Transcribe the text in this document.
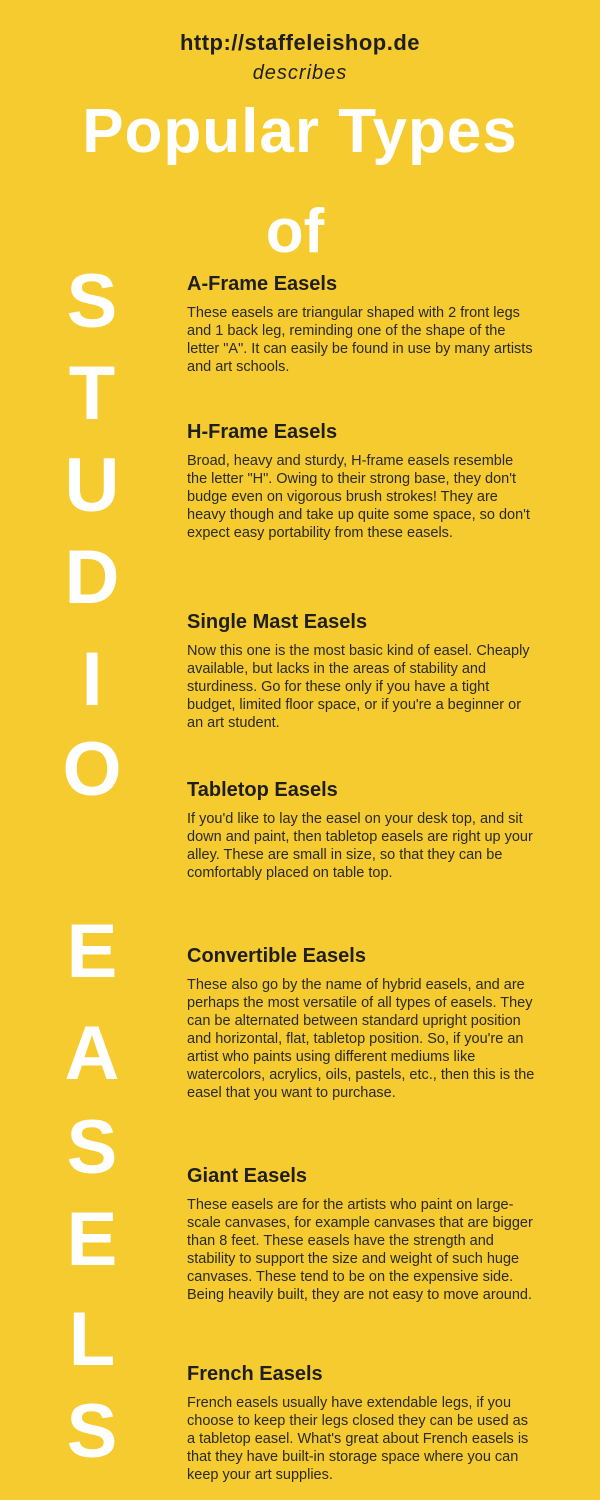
http://staffeleishop.de
describes
Popular Types
of
S
T
U
D
I
O
E
A
S
E
L
S
A-Frame Easels

These easels are triangular shaped with 2 front legs and 1 back leg, reminding one of the shape of the letter "A". It can easily be found in use by many artists and art schools.

H-Frame Easels

Broad, heavy and sturdy, H-frame easels resemble the letter "H". Owing to their strong base, they don't budge even on vigorous brush strokes! They are heavy though and take up quite some space, so don't expect easy portability from these easels.

Single Mast Easels

Now this one is the most basic kind of easel. Cheaply available, but lacks in the areas of stability and sturdiness. Go for these only if you have a tight budget, limited floor space, or if you're a beginner or an art student.

Tabletop Easels

If you'd like to lay the easel on your desk top, and sit down and paint, then tabletop easels are right up your alley. These are small in size, so that they can be comfortably placed on table top.

Convertible Easels

These also go by the name of hybrid easels, and are perhaps the most versatile of all types of easels. They can be alternated between standard upright position and horizontal, flat, tabletop position. So, if you're an artist who paints using different mediums like watercolors, acrylics, oils, pastels, etc., then this is the easel that you want to purchase.

Giant Easels

These easels are for the artists who paint on large-scale canvases, for example canvases that are bigger than 8 feet. These easels have the strength and stability to support the size and weight of such huge canvases. These tend to be on the expensive side. Being heavily built, they are not easy to move around.

French Easels

French easels usually have extendable legs, if you choose to keep their legs closed they can be used as a tabletop easel. What's great about French easels is that they have built-in storage space where you can keep your art supplies.
